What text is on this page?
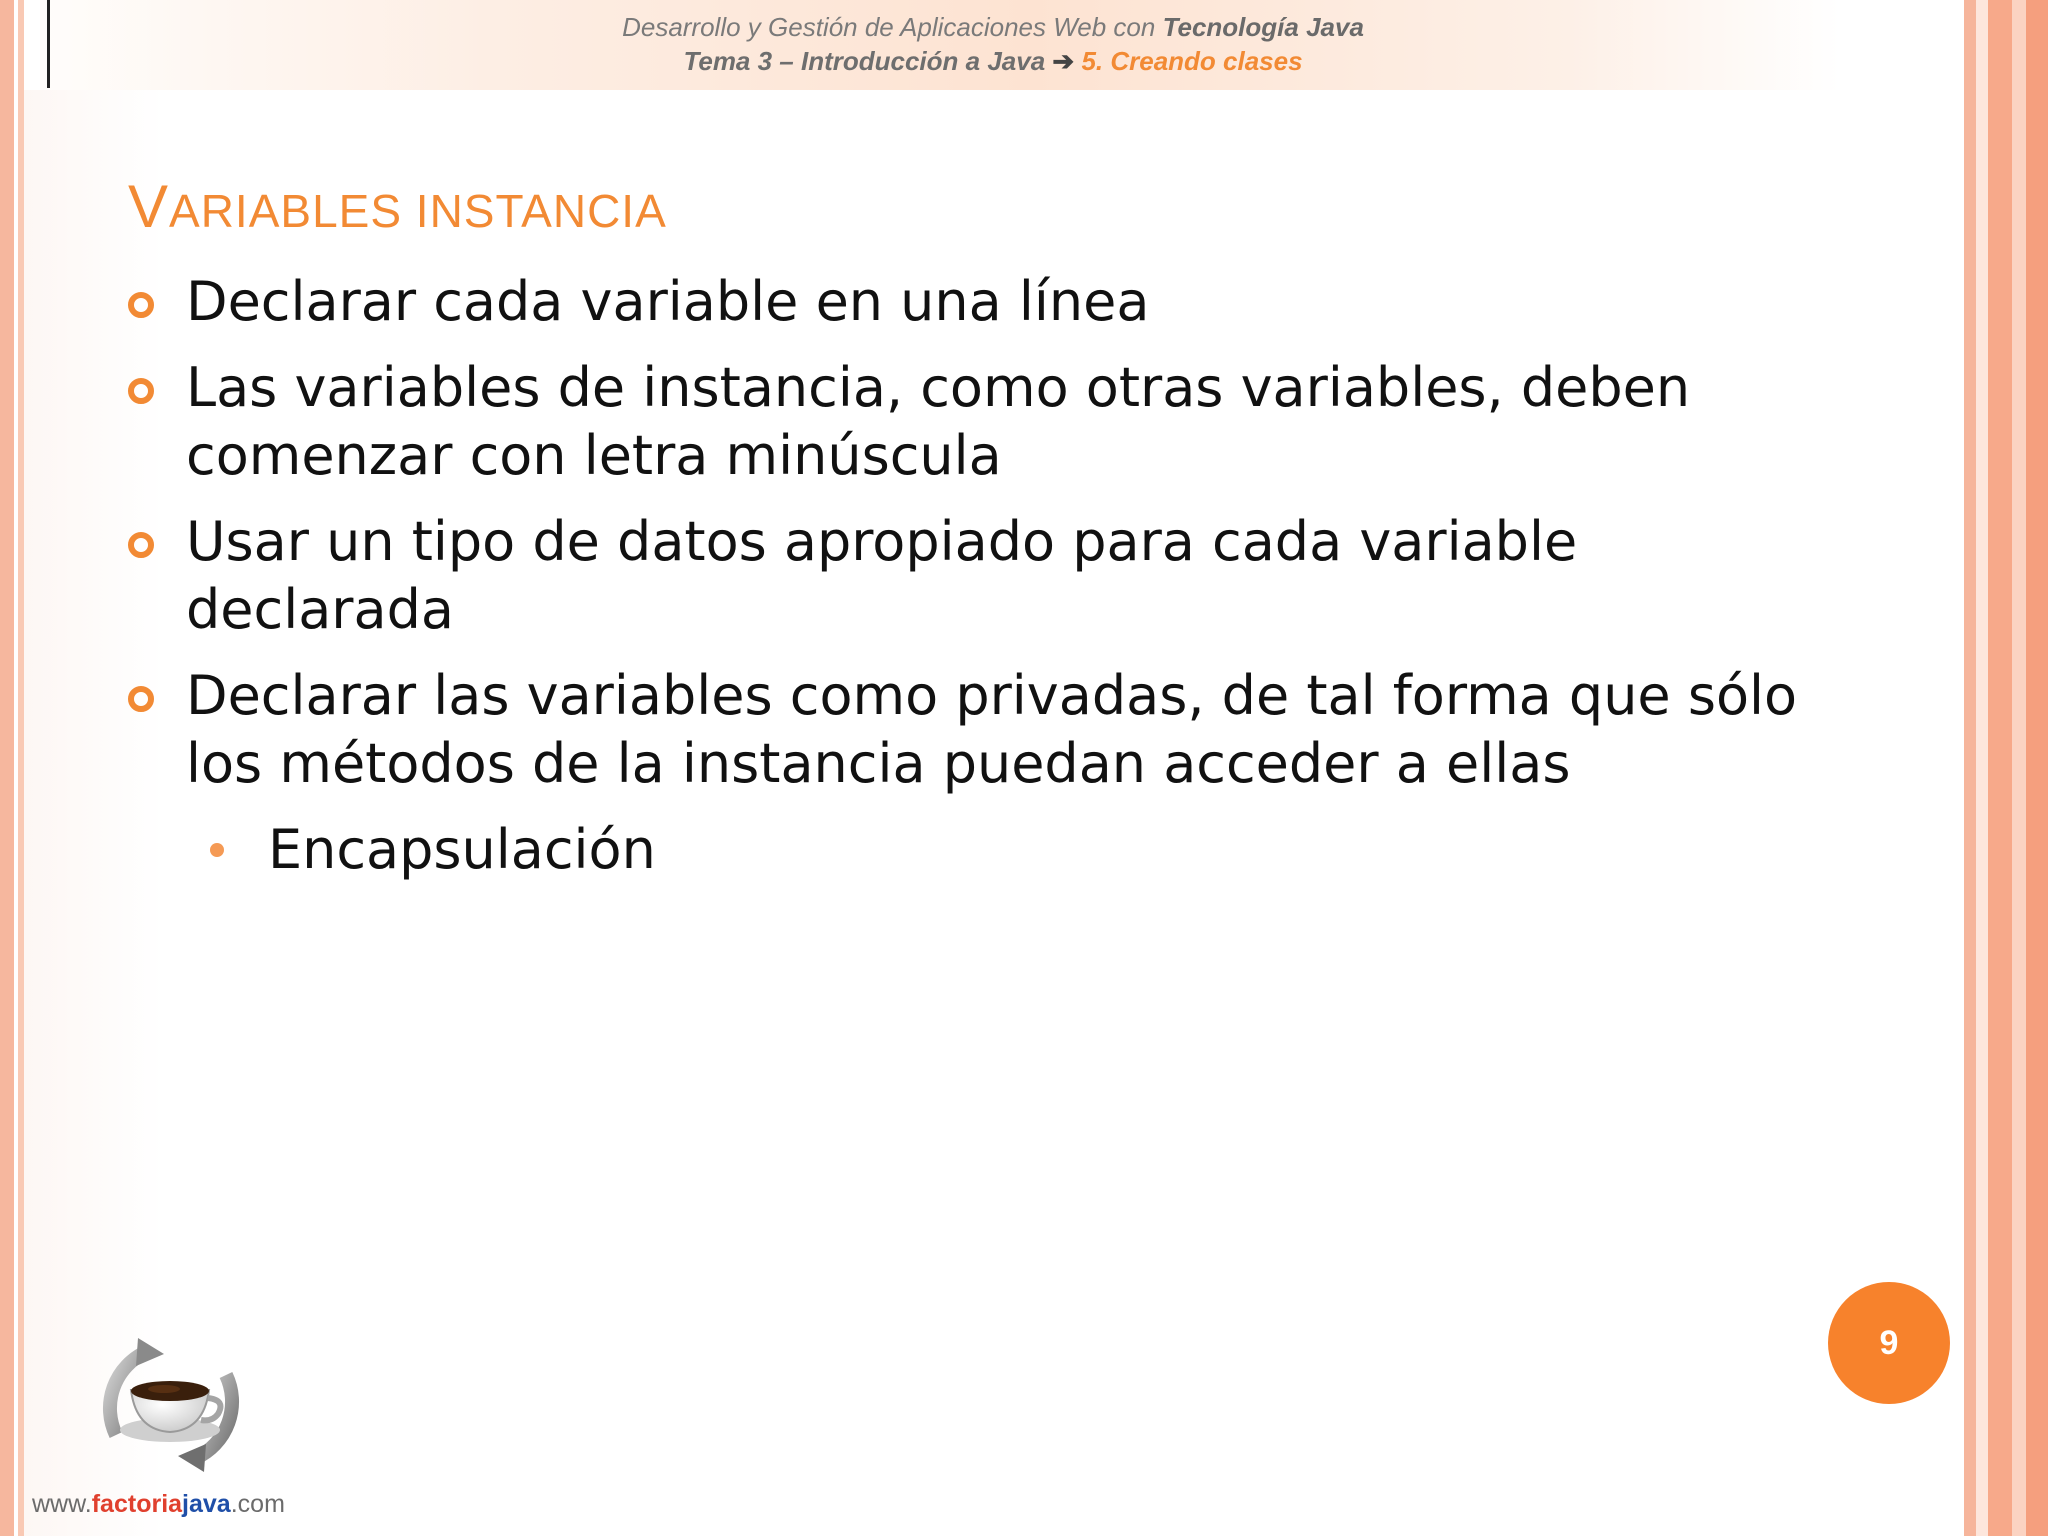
Desarrollo y Gestión de Aplicaciones Web con Tecnología Java
Tema 3 – Introducción a Java ➔ 5. Creando clases
VARIABLES INSTANCIA
Declarar cada variable en una línea
Las variables de instancia, como otras variables, deben comenzar con letra minúscula
Usar un tipo de datos apropiado para cada variable declarada
Declarar las variables como privadas, de tal forma que sólo los métodos de la instancia puedan acceder a ellas
Encapsulación
9
www.factoriajava.com
